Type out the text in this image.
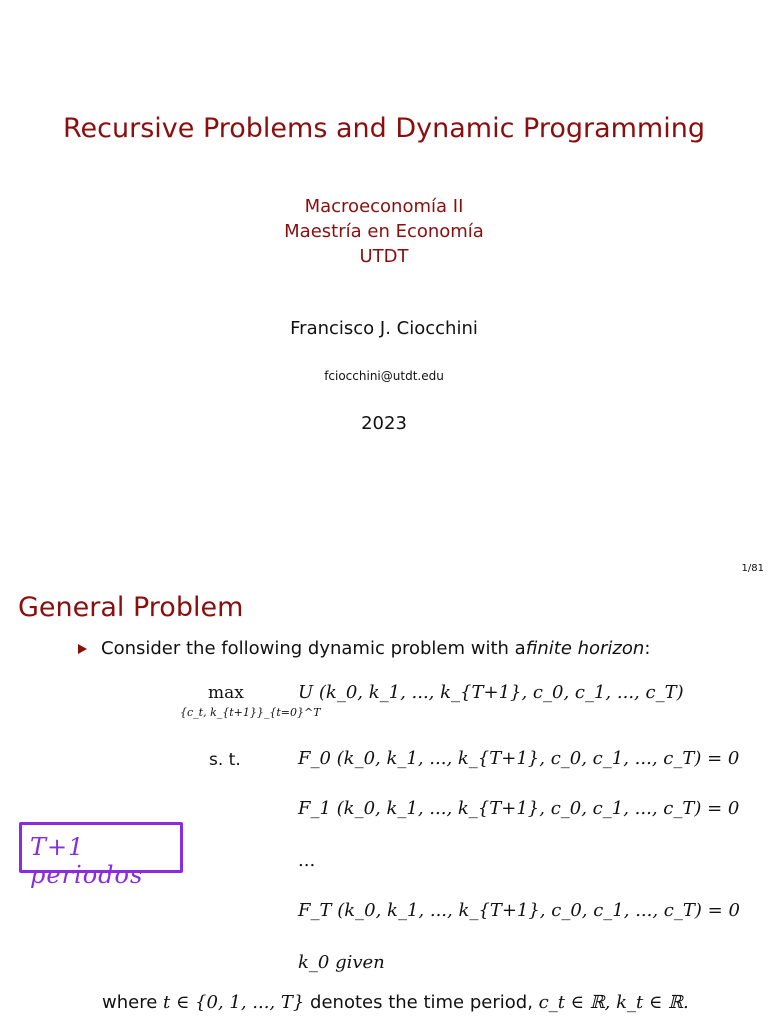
Recursive Problems and Dynamic Programming
Macroeconomía II
Maestría en Economía
UTDT
Francisco J. Ciocchini
fciocchini@utdt.edu
2023
1/81
General Problem
Consider the following dynamic problem with a finite horizon :
max
{c_t, k_{t+1}}_{t=0}^T
U (k_0, k_1, ..., k_{T+1}, c_0, c_1, ..., c_T)
s. t.	F_0 (k_0, k_1, ..., k_{T+1}, c_0, c_1, ..., c_T) = 0
F_1 (k_0, k_1, ..., k_{T+1}, c_0, c_1, ..., c_T) = 0
...
F_T (k_0, k_1, ..., k_{T+1}, c_0, c_1, ..., c_T) = 0
k_0 given
T+1 periodos
where t ∈ {0, 1, ..., T} denotes the time period, c_t ∈ ℝ, k_t ∈ ℝ.
